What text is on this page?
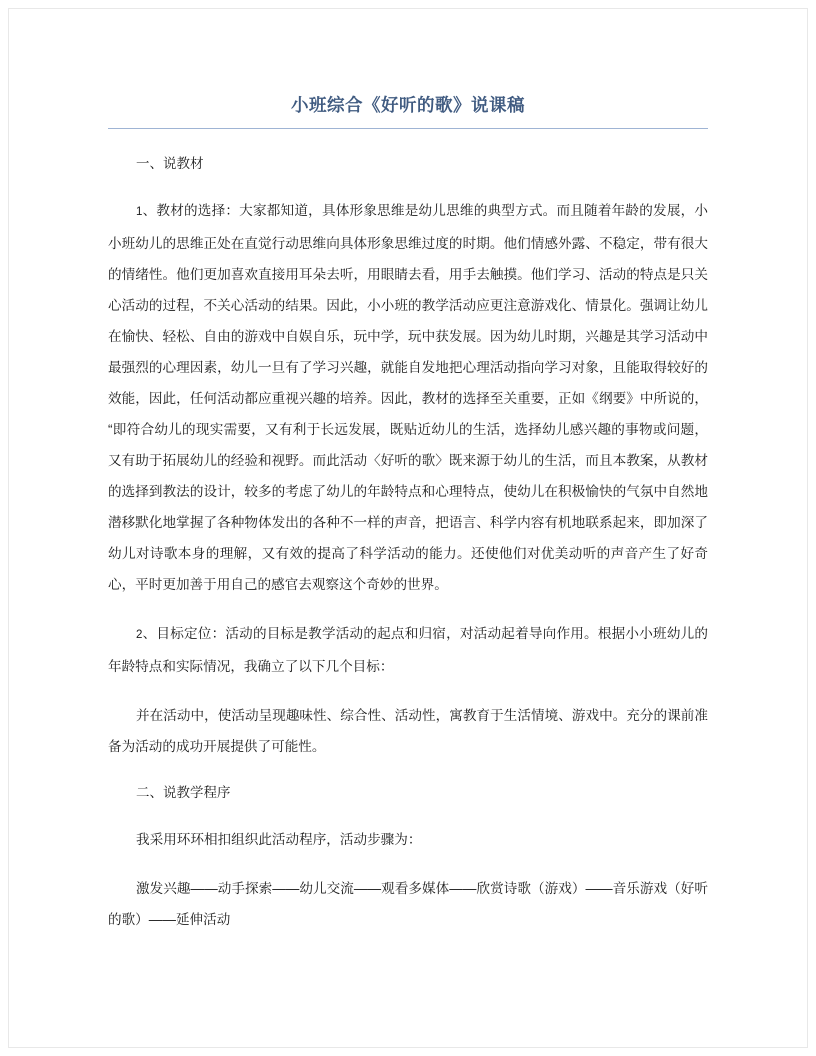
小班综合《好听的歌》说课稿

一、说教材

1、教材的选择：大家都知道，具体形象思维是幼儿思维的典型方式。而且随着年龄的发展，小小班幼儿的思维正处在直觉行动思维向具体形象思维过度的时期。他们情感外露、不稳定，带有很大的情绪性。他们更加喜欢直接用耳朵去听，用眼睛去看，用手去触摸。他们学习、活动的特点是只关心活动的过程，不关心活动的结果。因此，小小班的教学活动应更注意游戏化、情景化。强调让幼儿在愉快、轻松、自由的游戏中自娱自乐，玩中学，玩中获发展。因为幼儿时期，兴趣是其学习活动中最强烈的心理因素，幼儿一旦有了学习兴趣，就能自发地把心理活动指向学习对象，且能取得较好的效能，因此，任何活动都应重视兴趣的培养。因此，教材的选择至关重要，正如《纲要》中所说的，“即符合幼儿的现实需要，又有利于长远发展，既贴近幼儿的生活，选择幼儿感兴趣的事物或问题，又有助于拓展幼儿的经验和视野。而此活动〈好听的歌〉既来源于幼儿的生活，而且本教案，从教材的选择到教法的设计，较多的考虑了幼儿的年龄特点和心理特点，使幼儿在积极愉快的气氛中自然地潜移默化地掌握了各种物体发出的各种不一样的声音，把语言、科学内容有机地联系起来，即加深了幼儿对诗歌本身的理解，又有效的提高了科学活动的能力。还使他们对优美动听的声音产生了好奇心，平时更加善于用自己的感官去观察这个奇妙的世界。

2、目标定位：活动的目标是教学活动的起点和归宿，对活动起着导向作用。根据小小班幼儿的年龄特点和实际情况，我确立了以下几个目标：

并在活动中，使活动呈现趣味性、综合性、活动性，寓教育于生活情境、游戏中。充分的课前准备为活动的成功开展提供了可能性。

二、说教学程序

我采用环环相扣组织此活动程序，活动步骤为：

激发兴趣——动手探索——幼儿交流——观看多媒体——欣赏诗歌（游戏）——音乐游戏（好听的歌）——延伸活动
